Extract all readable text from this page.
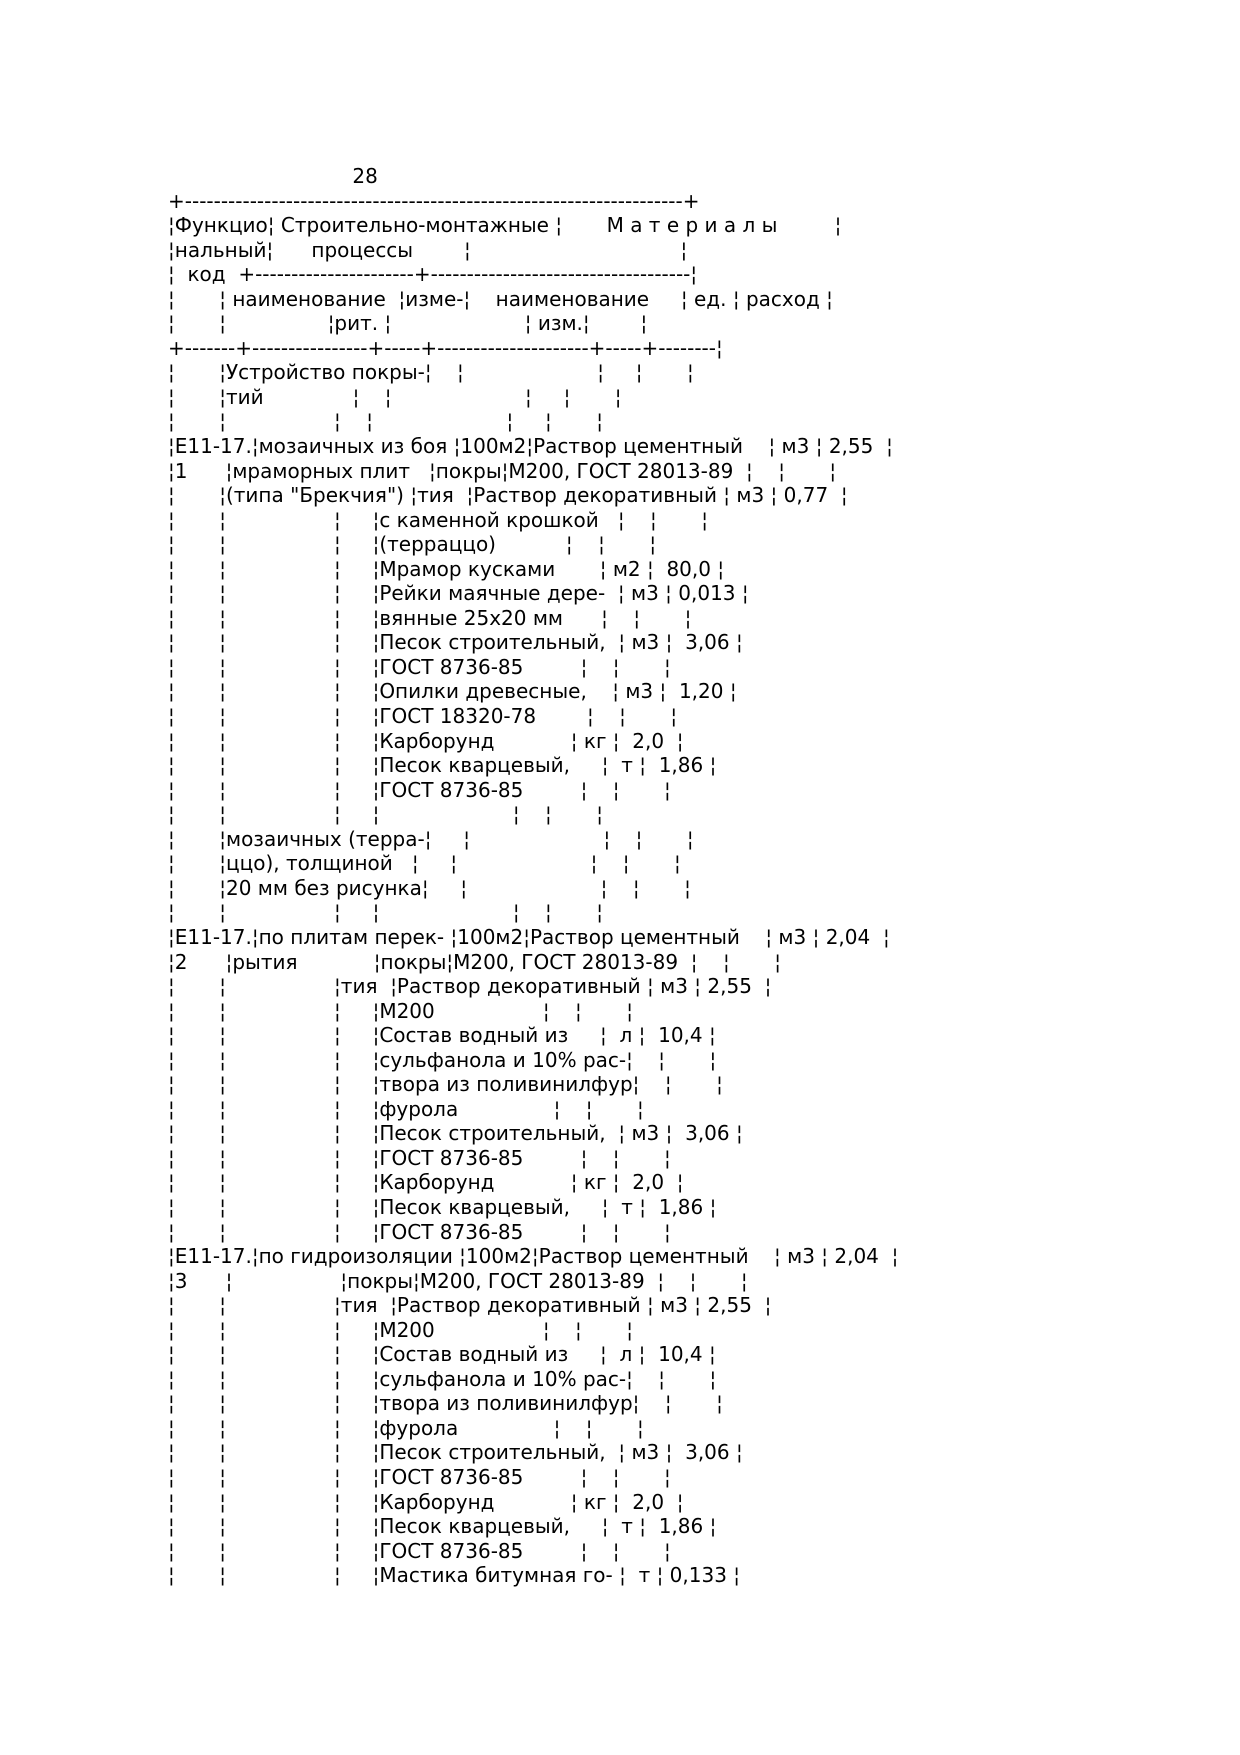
28
+---------------------------------------------------------------------+
¦Функцио¦ Строительно-монтажные ¦       М а т е р и а л ы         ¦
¦нальный¦      процессы        ¦                                 ¦
¦  код  +----------------------+------------------------------------¦
¦       ¦ наименование  ¦изме-¦    наименование     ¦ ед. ¦ расход ¦
¦       ¦                ¦рит. ¦                     ¦ изм.¦        ¦
+-------+----------------+-----+---------------------+-----+--------¦
¦       ¦Устройство покры-¦    ¦                     ¦     ¦       ¦
¦       ¦тий              ¦    ¦                     ¦     ¦       ¦
¦       ¦                 ¦    ¦                     ¦     ¦       ¦
¦Е11-17.¦мозаичных из боя ¦100м2¦Раствор цементный    ¦ м3 ¦ 2,55  ¦
¦1      ¦мраморных плит   ¦покры¦М200, ГОСТ 28013-89  ¦    ¦       ¦
¦       ¦(типа "Брекчия") ¦тия  ¦Раствор декоративный ¦ м3 ¦ 0,77  ¦
¦       ¦                 ¦     ¦с каменной крошкой   ¦    ¦       ¦
¦       ¦                 ¦     ¦(терраццо)           ¦    ¦       ¦
¦       ¦                 ¦     ¦Мрамор кусками       ¦ м2 ¦  80,0 ¦
¦       ¦                 ¦     ¦Рейки маячные дере-  ¦ м3 ¦ 0,013 ¦
¦       ¦                 ¦     ¦вянные 25х20 мм      ¦    ¦       ¦
¦       ¦                 ¦     ¦Песок строительный,  ¦ м3 ¦  3,06 ¦
¦       ¦                 ¦     ¦ГОСТ 8736-85         ¦    ¦       ¦
¦       ¦                 ¦     ¦Опилки древесные,    ¦ м3 ¦  1,20 ¦
¦       ¦                 ¦     ¦ГОСТ 18320-78        ¦    ¦       ¦
¦       ¦                 ¦     ¦Карборунд            ¦ кг ¦  2,0  ¦
¦       ¦                 ¦     ¦Песок кварцевый,     ¦  т ¦  1,86 ¦
¦       ¦                 ¦     ¦ГОСТ 8736-85         ¦    ¦       ¦
¦       ¦                 ¦     ¦                     ¦    ¦       ¦
¦       ¦мозаичных (терра-¦     ¦                     ¦    ¦       ¦
¦       ¦ццо), толщиной   ¦     ¦                     ¦    ¦       ¦
¦       ¦20 мм без рисунка¦     ¦                     ¦    ¦       ¦
¦       ¦                 ¦     ¦                     ¦    ¦       ¦
¦Е11-17.¦по плитам перек- ¦100м2¦Раствор цементный    ¦ м3 ¦ 2,04  ¦
¦2      ¦рытия            ¦покры¦М200, ГОСТ 28013-89  ¦    ¦       ¦
¦       ¦                 ¦тия  ¦Раствор декоративный ¦ м3 ¦ 2,55  ¦
¦       ¦                 ¦     ¦М200                 ¦    ¦       ¦
¦       ¦                 ¦     ¦Состав водный из     ¦  л ¦  10,4 ¦
¦       ¦                 ¦     ¦сульфанола и 10% рас-¦    ¦       ¦
¦       ¦                 ¦     ¦твора из поливинилфур¦    ¦       ¦
¦       ¦                 ¦     ¦фурола               ¦    ¦       ¦
¦       ¦                 ¦     ¦Песок строительный,  ¦ м3 ¦  3,06 ¦
¦       ¦                 ¦     ¦ГОСТ 8736-85         ¦    ¦       ¦
¦       ¦                 ¦     ¦Карборунд            ¦ кг ¦  2,0  ¦
¦       ¦                 ¦     ¦Песок кварцевый,     ¦  т ¦  1,86 ¦
¦       ¦                 ¦     ¦ГОСТ 8736-85         ¦    ¦       ¦
¦Е11-17.¦по гидроизоляции ¦100м2¦Раствор цементный    ¦ м3 ¦ 2,04  ¦
¦3      ¦                 ¦покры¦М200, ГОСТ 28013-89  ¦    ¦       ¦
¦       ¦                 ¦тия  ¦Раствор декоративный ¦ м3 ¦ 2,55  ¦
¦       ¦                 ¦     ¦М200                 ¦    ¦       ¦
¦       ¦                 ¦     ¦Состав водный из     ¦  л ¦  10,4 ¦
¦       ¦                 ¦     ¦сульфанола и 10% рас-¦    ¦       ¦
¦       ¦                 ¦     ¦твора из поливинилфур¦    ¦       ¦
¦       ¦                 ¦     ¦фурола               ¦    ¦       ¦
¦       ¦                 ¦     ¦Песок строительный,  ¦ м3 ¦  3,06 ¦
¦       ¦                 ¦     ¦ГОСТ 8736-85         ¦    ¦       ¦
¦       ¦                 ¦     ¦Карборунд            ¦ кг ¦  2,0  ¦
¦       ¦                 ¦     ¦Песок кварцевый,     ¦  т ¦  1,86 ¦
¦       ¦                 ¦     ¦ГОСТ 8736-85         ¦    ¦       ¦
¦       ¦                 ¦     ¦Мастика битумная го- ¦  т ¦ 0,133 ¦
